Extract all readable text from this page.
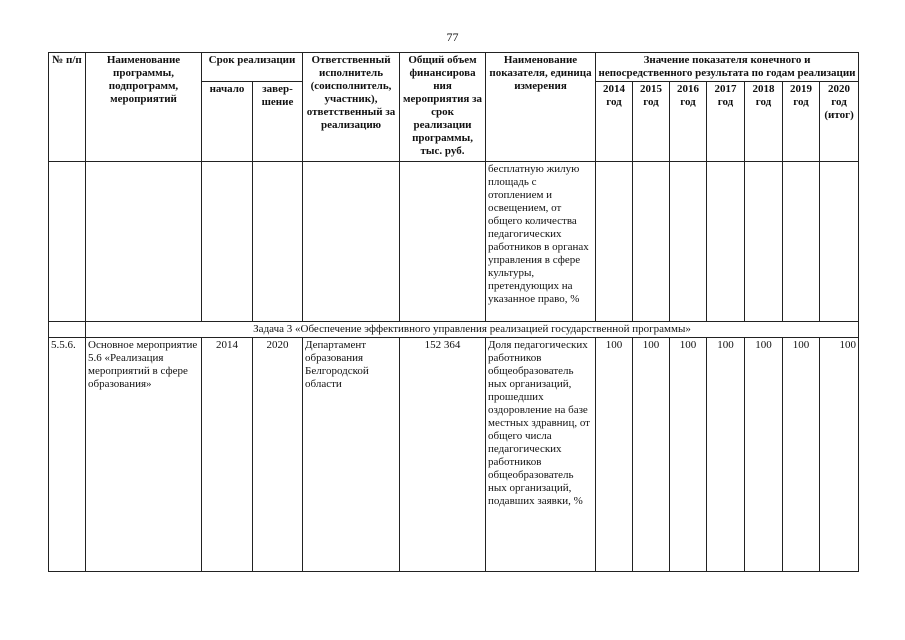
77
№ п/п	Наименование программы, подпрограмм, мероприятий	Срок реализации		Ответственный исполнитель (соисполнитель, участник), ответственный за реализацию	Общий объем финансирова ния мероприятия за срок реализации программы, тыс. руб.	Наименование показателя, единица измерения	Значение показателя конечного и непосредственного результата по годам реализации						
		начало	завер-шение				2014 год	2015 год	2016 год	2017 год	2018 год	2019 год	2020 год (итог)
						бесплатную жилую площадь с отоплением и освещением, от общего количества педагогических работников в органах управления в сфере культуры, претендующих на указанное право, %							
	Задача 3 «Обеспечение эффективного управления реализацией государственной программы»												
5.5.6.	Основное мероприятие 5.6 «Реализация мероприятий в сфере образования»	2014	2020	Департамент образования Белгородской области	152 364	Доля педагогических работников общеобразователь ных организаций, прошедших оздоровление на базе местных здравниц, от общего числа педагогических работников общеобразователь ных организаций, подавших заявки, %	100	100	100	100	100	100	100
